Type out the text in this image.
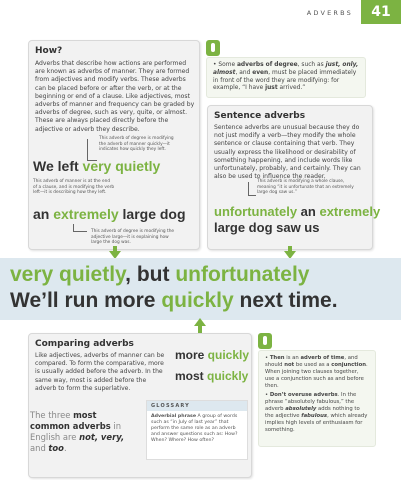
ADVERBS	41
How?
Adverbs that describe how actions are performed are known as adverbs of manner. They are formed from adjectives and modify verbs. These adverbs can be placed before or after the verb, or at the beginning or end of a clause. Like adjectives, most adverbs of manner and frequency can be graded by adverbs of degree, such as very, quite, or almost. These are always placed directly before the adjective or adverb they describe.
This adverb of degree is modifying the adverb of manner quickly—it indicates how quickly they left.
We left very quietly
This adverb of manner is at the end of a clause, and is modifying the verb left—it is describing how they left.
an extremely large dog
This adverb of degree is modifying the adjective large—it is explaining how large the dog was.
• Some adverbs of degree, such as just, only, almost, and even, must be placed immediately in front of the word they are modifying: for example, “I have just arrived.”
Sentence adverbs
Sentence adverbs are unusual because they do not just modify a verb—they modify the whole sentence or clause containing that verb. They usually express the likelihood or desirability of something happening, and include words like unfortunately, probably, and certainly. They can also be used to influence the reader.
This adverb is modifying a whole clause, meaning “it is unfortunate that an extremely large dog saw us.”
unfortunately an extremely
large dog saw us
very quietly, but unfortunately
We’ll run more quickly next time.
Comparing adverbs
Like adjectives, adverbs of manner can be compared. To form the comparative, more is usually added before the adverb. In the same way, most is added before the adverb to form the superlative.
more quickly
most quickly
The three most common adverbs in English are not, very, and too.
GLOSSARY
Adverbial phrase A group of words such as “in July of last year” that perform the same role as an adverb and answer questions such as: How? When? Where? How often?
• Then is an adverb of time, and should not be used as a conjunction. When joining two clauses together, use a conjunction such as and before then.
• Don’t overuse adverbs. In the phrase “absolutely fabulous,” the adverb absolutely adds nothing to the adjective fabulous, which already implies high levels of enthusiasm for something.
